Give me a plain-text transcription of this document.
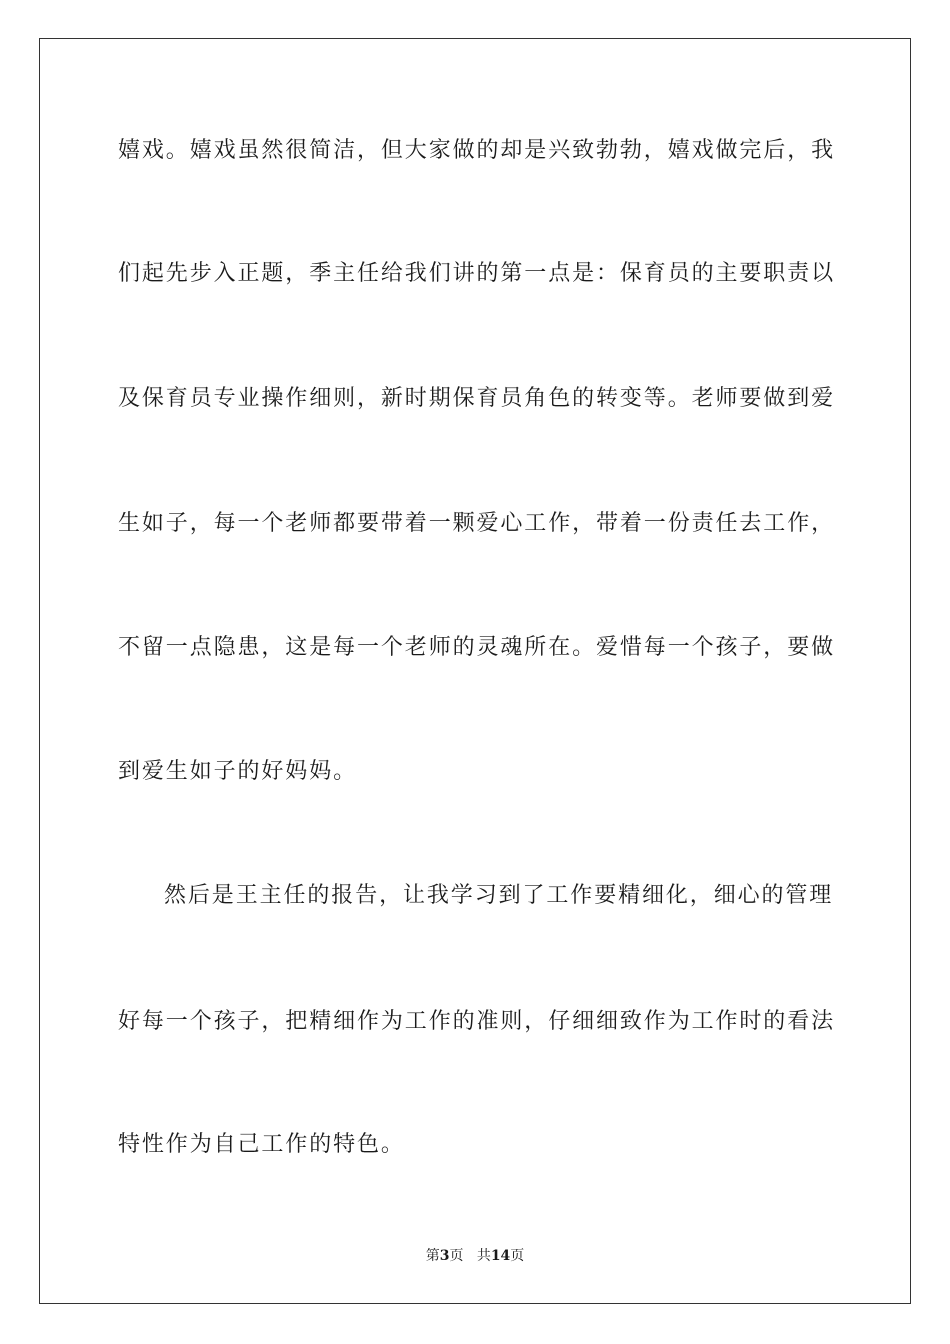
嬉戏。嬉戏虽然很简洁，但大家做的却是兴致勃勃，嬉戏做完后，我
们起先步入正题，季主任给我们讲的第一点是：保育员的主要职责以
及保育员专业操作细则，新时期保育员角色的转变等。老师要做到爱
生如子，每一个老师都要带着一颗爱心工作，带着一份责任去工作，
不留一点隐患，这是每一个老师的灵魂所在。爱惜每一个孩子，要做
到爱生如子的好妈妈。
然后是王主任的报告，让我学习到了工作要精细化，细心的管理
好每一个孩子，把精细作为工作的准则，仔细细致作为工作时的看法
特性作为自己工作的特色。
第3页 共14页
